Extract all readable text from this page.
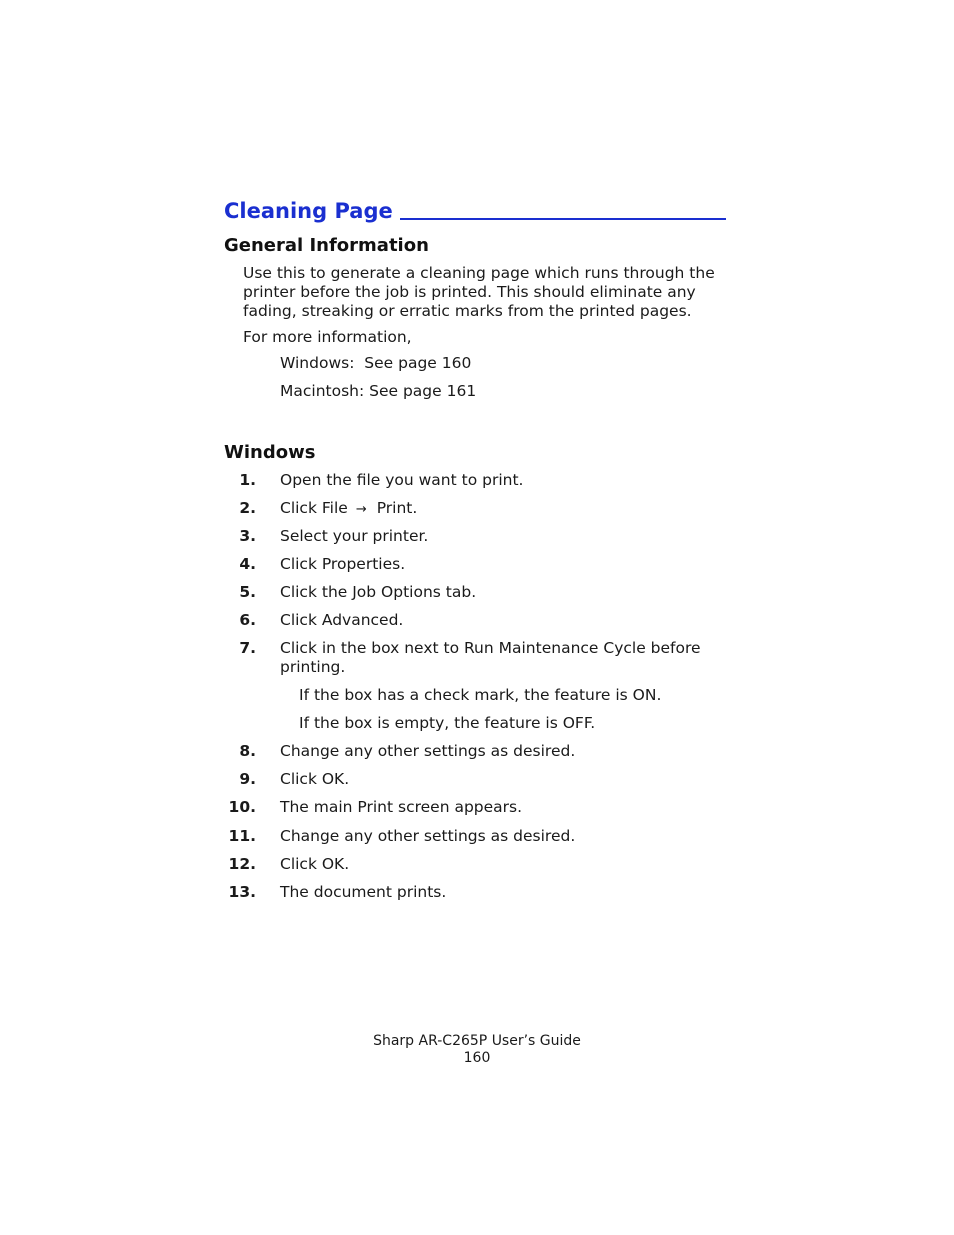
Cleaning Page
General Information

Use this to generate a cleaning page which runs through the printer before the job is printed. This should eliminate any fading, streaking or erratic marks from the printed pages.

For more information,

Windows:  See page 160

Macintosh: See page 161

Windows
1. Open the file you want to print.
2. Click File → Print.
3. Select your printer.
4. Click Properties.
5. Click the Job Options tab.
6. Click Advanced.
7. Click in the box next to Run Maintenance Cycle before printing.

If the box has a check mark, the feature is ON.

If the box is empty, the feature is OFF.

8. Change any other settings as desired.
9. Click OK.
10. The main Print screen appears.
11. Change any other settings as desired.
12. Click OK.
13. The document prints.
Sharp AR-C265P User’s Guide
160
